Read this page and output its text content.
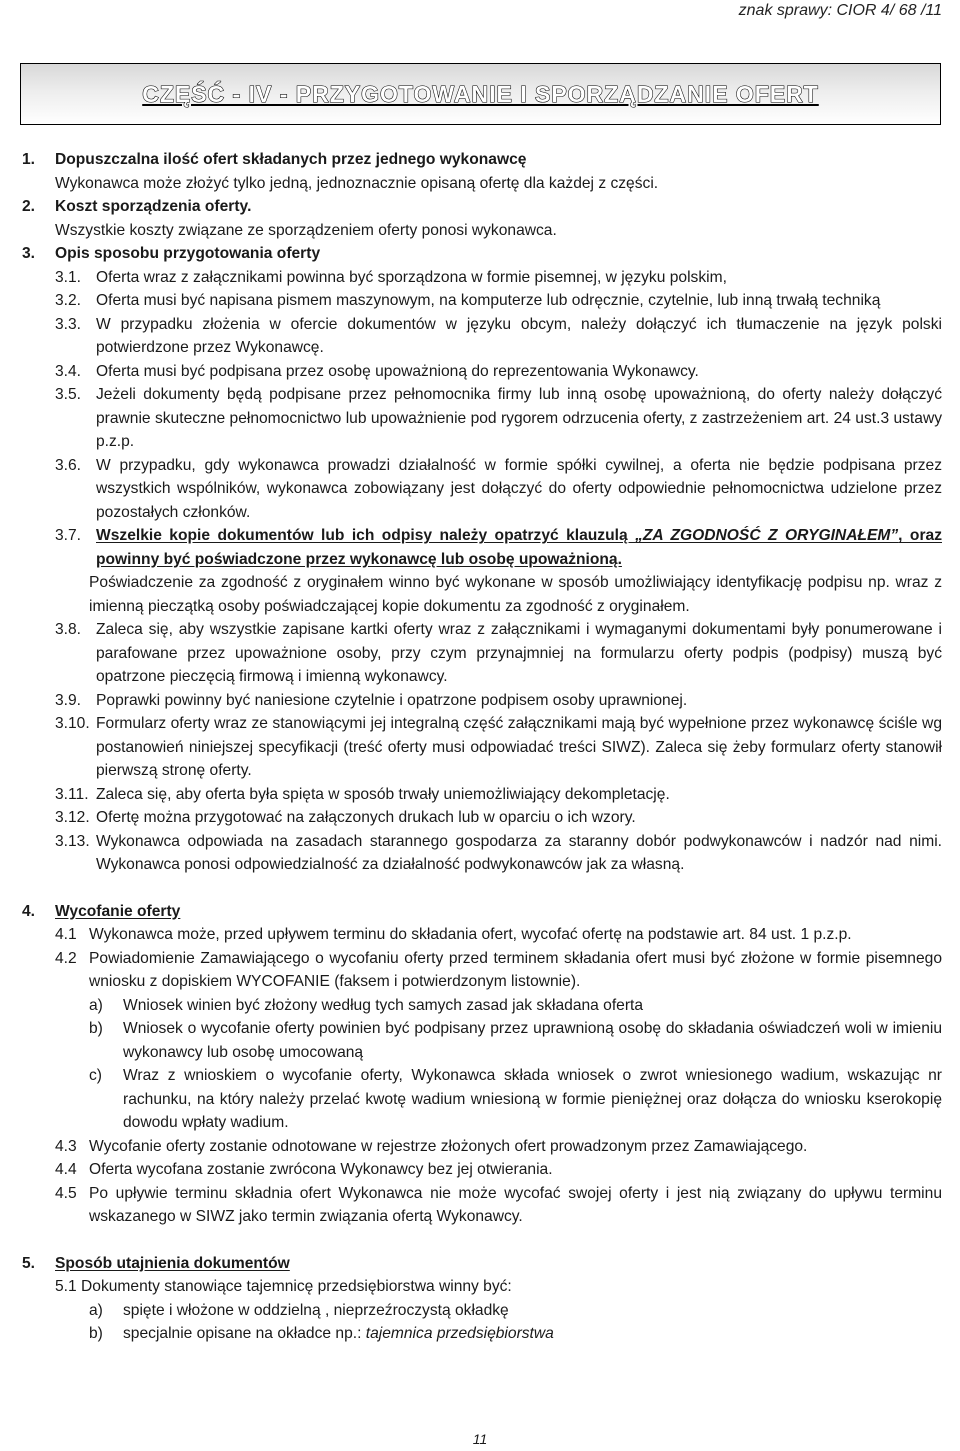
znak sprawy: CIOR 4/ 68 /11
CZĘŚĆ - IV - PRZYGOTOWANIE I SPORZĄDZANIE OFERT
1. Dopuszczalna ilość ofert składanych przez jednego wykonawcę
Wykonawca może złożyć tylko jedną, jednoznacznie opisaną ofertę dla każdej z części.
2. Koszt sporządzenia oferty.
Wszystkie koszty związane ze sporządzeniem oferty ponosi wykonawca.
3. Opis sposobu przygotowania oferty
3.1. Oferta wraz z załącznikami powinna być sporządzona w formie pisemnej, w języku polskim,
3.2. Oferta musi być napisana pismem maszynowym, na komputerze lub odręcznie, czytelnie, lub inną trwałą techniką
3.3. W przypadku złożenia w ofercie dokumentów w języku obcym, należy dołączyć ich tłumaczenie na język polski potwierdzone przez Wykonawcę.
3.4. Oferta musi być podpisana przez osobę upoważnioną do reprezentowania Wykonawcy.
3.5. Jeżeli dokumenty będą podpisane przez pełnomocnika firmy lub inną osobę upoważnioną, do oferty należy dołączyć prawnie skuteczne pełnomocnictwo lub upoważnienie pod rygorem odrzucenia oferty, z zastrzeżeniem art. 24 ust.3 ustawy p.z.p.
3.6. W przypadku, gdy wykonawca prowadzi działalność w formie spółki cywilnej, a oferta nie będzie podpisana przez wszystkich wspólników, wykonawca zobowiązany jest dołączyć do oferty odpowiednie pełnomocnictwa udzielone przez pozostałych członków.
3.7. Wszelkie kopie dokumentów lub ich odpisy należy opatrzyć klauzulą „ZA ZGODNOŚĆ Z ORYGINAŁEM”, oraz powinny być poświadczone przez wykonawcę lub osobę upoważnioną.
Poświadczenie za zgodność z oryginałem winno być wykonane w sposób umożliwiający identyfikację podpisu np. wraz z imienną pieczątką osoby poświadczającej kopie dokumentu za zgodność z oryginałem.
3.8. Zaleca się, aby wszystkie zapisane kartki oferty wraz z załącznikami i wymaganymi dokumentami były ponumerowane i parafowane przez upoważnione osoby, przy czym przynajmniej na formularzu oferty podpis (podpisy) muszą być opatrzone pieczęcią firmową i imienną wykonawcy.
3.9. Poprawki powinny być naniesione czytelnie i opatrzone podpisem osoby uprawnionej.
3.10. Formularz oferty wraz ze stanowiącymi jej integralną część załącznikami mają być wypełnione przez wykonawcę ściśle wg postanowień niniejszej specyfikacji (treść oferty musi odpowiadać treści SIWZ). Zaleca się żeby formularz oferty stanowił pierwszą stronę oferty.
3.11. Zaleca się, aby oferta była spięta w sposób trwały uniemożliwiający dekompletację.
3.12. Ofertę można przygotować na załączonych drukach lub w oparciu o ich wzory.
3.13. Wykonawca odpowiada na zasadach starannego gospodarza za staranny dobór podwykonawców i nadzór nad nimi. Wykonawca ponosi odpowiedzialność za działalność podwykonawców jak za własną.
4. Wycofanie oferty
4.1 Wykonawca może, przed upływem terminu do składania ofert, wycofać ofertę na podstawie art. 84 ust. 1 p.z.p.
4.2 Powiadomienie Zamawiającego o wycofaniu oferty przed terminem składania ofert musi być złożone w formie pisemnego wniosku z dopiskiem WYCOFANIE (faksem i potwierdzonym listownie).
a) Wniosek winien być złożony według tych samych zasad jak składana oferta
b) Wniosek o wycofanie oferty powinien być podpisany przez uprawnioną osobę do składania oświadczeń woli w imieniu wykonawcy lub osobę umocowaną
c) Wraz z wnioskiem o wycofanie oferty, Wykonawca składa wniosek o zwrot wniesionego wadium, wskazując nr rachunku, na który należy przelać kwotę wadium wniesioną w formie pieniężnej oraz dołącza do wniosku kserokopię dowodu wpłaty wadium.
4.3 Wycofanie oferty zostanie odnotowane w rejestrze złożonych ofert prowadzonym przez Zamawiającego.
4.4 Oferta wycofana zostanie zwrócona Wykonawcy bez jej otwierania.
4.5 Po upływie terminu składnia ofert Wykonawca nie może wycofać swojej oferty i jest nią związany do upływu terminu wskazanego w SIWZ jako termin związania ofertą Wykonawcy.
5. Sposób utajnienia dokumentów
5.1 Dokumenty stanowiące tajemnicę przedsiębiorstwa winny być:
a) spięte i włożone w oddzielną , nieprzeźroczystą okładkę
b) specjalnie opisane na okładce np.: tajemnica przedsiębiorstwa
11
